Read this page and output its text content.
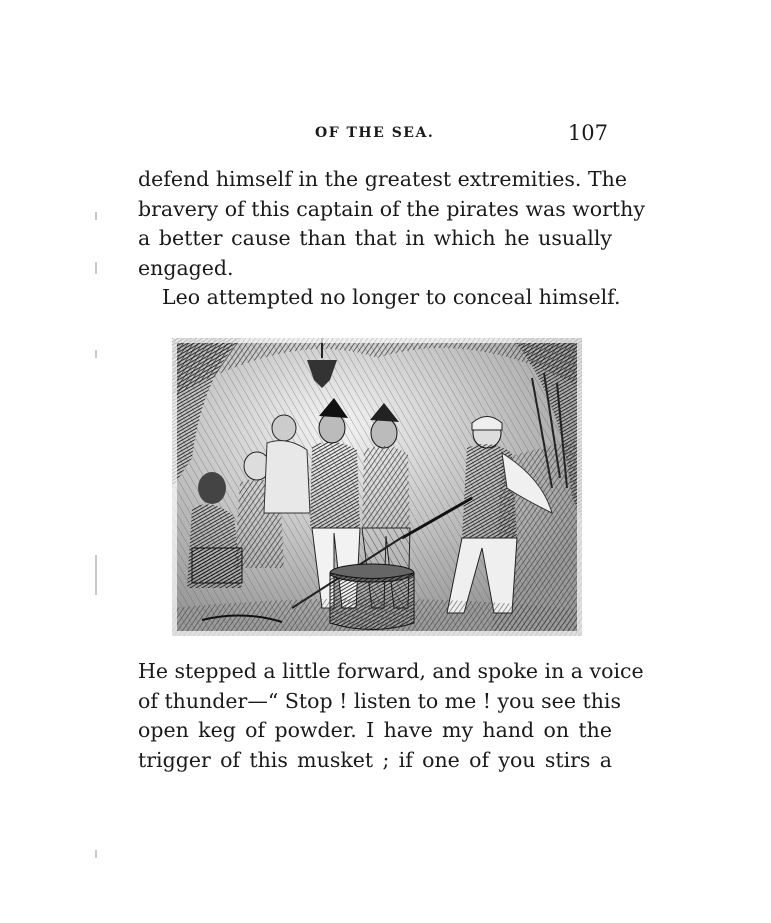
OF THE SEA.	107
defend himself in the greatest extremities. The
bravery of this captain of the pirates was worthy
a better cause than that in which he usually
engaged.
Leo attempted no longer to conceal himself.
He stepped a little forward, and spoke in a voice
of thunder—“ Stop ! listen to me ! you see this
open keg of powder. I have my hand on the
trigger of this musket ; if one of you stirs a
